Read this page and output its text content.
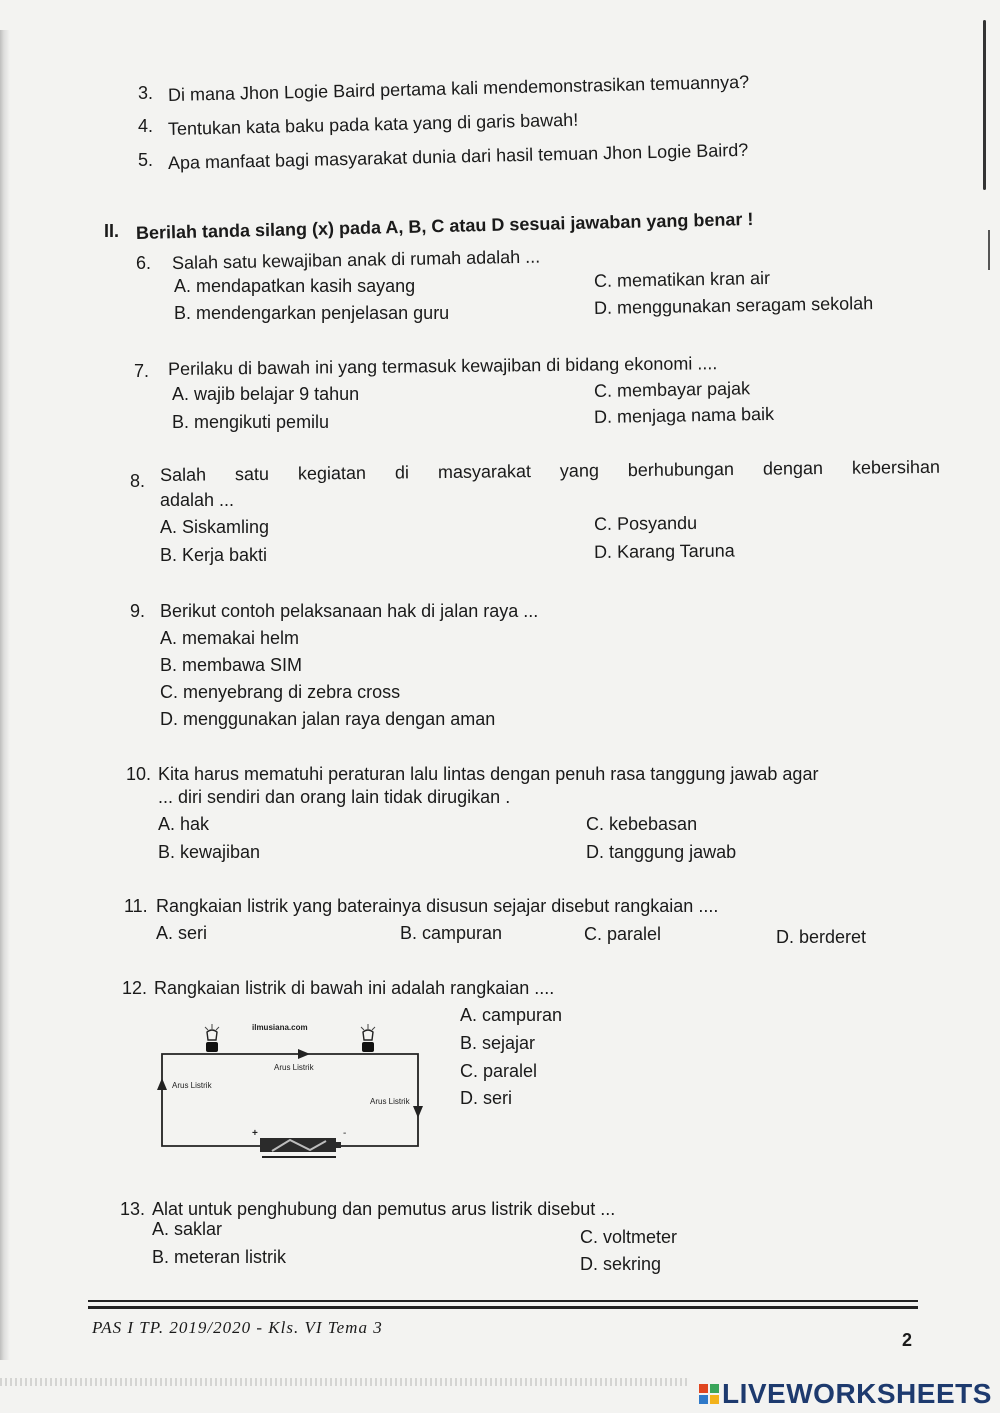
3. Di mana Jhon Logie Baird pertama kali mendemonstrasikan temuannya?
4. Tentukan kata baku pada kata yang di garis bawah!
5. Apa manfaat bagi masyarakat dunia dari hasil temuan Jhon Logie Baird?
II. Berilah tanda silang (x) pada A, B, C atau D sesuai jawaban yang benar !
6. Salah satu kewajiban anak di rumah adalah ...
A. mendapatkan kasih sayang
B. mendengarkan penjelasan guru
C. mematikan kran air
D. menggunakan seragam sekolah
7. Perilaku di bawah ini yang termasuk kewajiban di bidang ekonomi ....
A. wajib belajar 9 tahun
B. mengikuti pemilu
C. membayar pajak
D. menjaga nama baik
8. Salah satu kegiatan di masyarakat yang berhubungan dengan kebersihan
adalah ...
A. Siskamling
B. Kerja bakti
C. Posyandu
D. Karang Taruna
9. Berikut contoh pelaksanaan hak di jalan raya ...
A. memakai helm
B. membawa SIM
C. menyebrang di zebra cross
D. menggunakan jalan raya dengan aman
10. Kita harus mematuhi peraturan lalu lintas dengan penuh rasa tanggung jawab agar
... diri sendiri dan orang lain tidak dirugikan .
A. hak
B. kewajiban
C. kebebasan
D. tanggung jawab
11. Rangkaian listrik yang baterainya disusun sejajar disebut rangkaian ....
A. seri	B. campuran	C. paralel	D. berderet
12. Rangkaian listrik di bawah ini adalah rangkaian ....
A. campuran
B. sejajar
C. paralel
D. seri
ilmusiana.com
Arus Listrik
Arus Listrik
Arus Listrik
+	-
13. Alat untuk penghubung dan pemutus arus listrik disebut ...
A. saklar
B. meteran listrik
C. voltmeter
D. sekring
PAS I TP. 2019/2020 - Kls. VI Tema 3
2
LIVEWORKSHEETS
